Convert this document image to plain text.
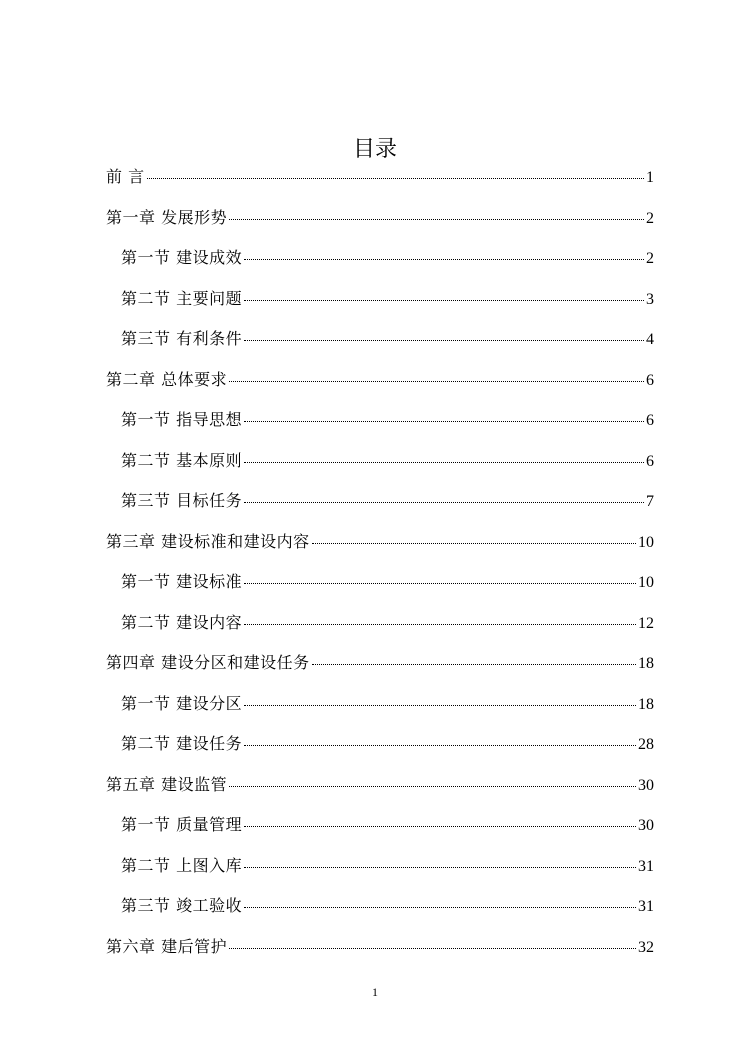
目录
前 言	1
第一章 发展形势	2
第一节 建设成效	2
第二节 主要问题	3
第三节 有利条件	4
第二章 总体要求	6
第一节 指导思想	6
第二节 基本原则	6
第三节 目标任务	7
第三章 建设标准和建设内容	10
第一节 建设标准	10
第二节 建设内容	12
第四章 建设分区和建设任务	18
第一节 建设分区	18
第二节 建设任务	28
第五章 建设监管	30
第一节 质量管理	30
第二节 上图入库	31
第三节 竣工验收	31
第六章 建后管护	32
1
